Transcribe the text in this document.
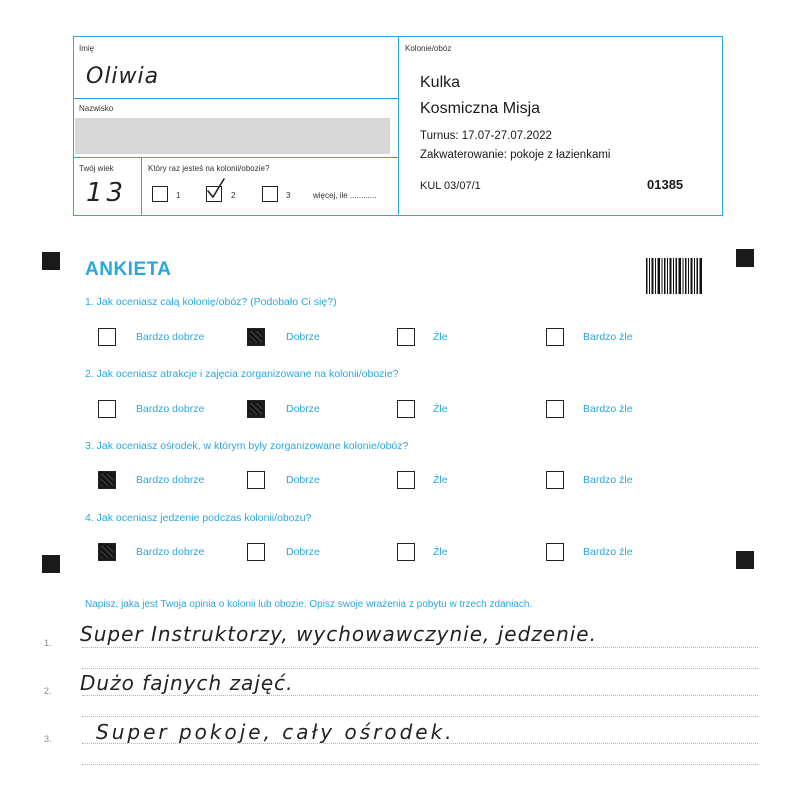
Imię
Oliwia
Nazwisko
Twój wiek
13
Który raz jesteś na kolonii/obozie?
1	2	3	więcej, ile ............
Kolonie/obóz
Kulka
Kosmiczna Misja
Turnus: 17.07-27.07.2022
Zakwaterowanie: pokoje z łazienkami
KUL 03/07/1	01385
ANKIETA
1. Jak oceniasz całą kolonię/obóz? (Podobało Ci się?)
Bardzo dobrze	Dobrze	Źle	Bardzo źle
2. Jak oceniasz atrakcje i zajęcia zorganizowane na kolonii/obozie?
Bardzo dobrze	Dobrze	Źle	Bardzo źle
3. Jak oceniasz ośrodek, w którym były zorganizowane kolonie/obóz?
Bardzo dobrze	Dobrze	Źle	Bardzo źle
4. Jak oceniasz jedzenie podczas kolonii/obozu?
Bardzo dobrze	Dobrze	Źle	Bardzo źle
Napisz, jaka jest Twoja opinia o kolonii lub obozie. Opisz swoje wrażenia z pobytu w trzech zdaniach.
1. Super Instruktorzy, wychowawczynie, jedzenie.
2. Dużo fajnych zajęć.
3. Super pokoje, cały ośrodek.
